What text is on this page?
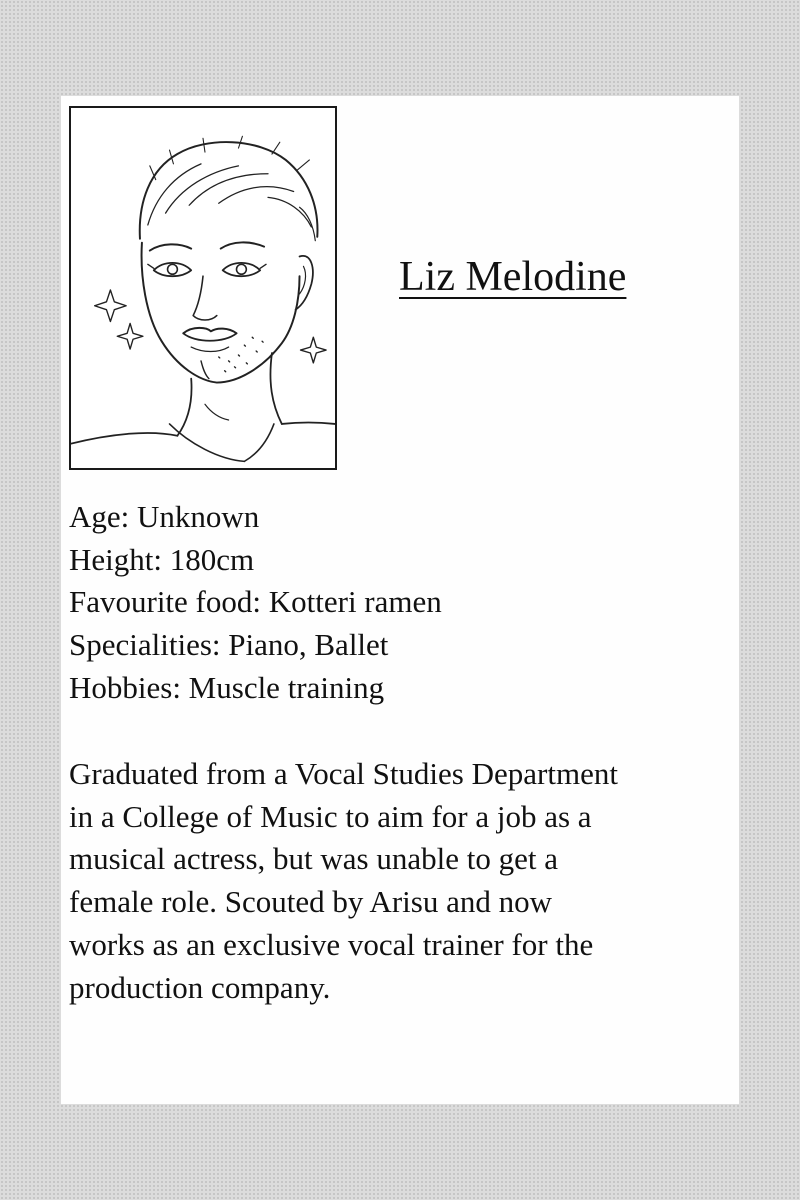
Liz Melodine
Age: Unknown
Height: 180cm
Favourite food: Kotteri ramen
Specialities: Piano, Ballet
Hobbies: Muscle training

Graduated from a Vocal Studies Department
in a College of Music to aim for a job as a
musical actress, but was unable to get a
female role. Scouted by Arisu and now
works as an exclusive vocal trainer for the
production company.
